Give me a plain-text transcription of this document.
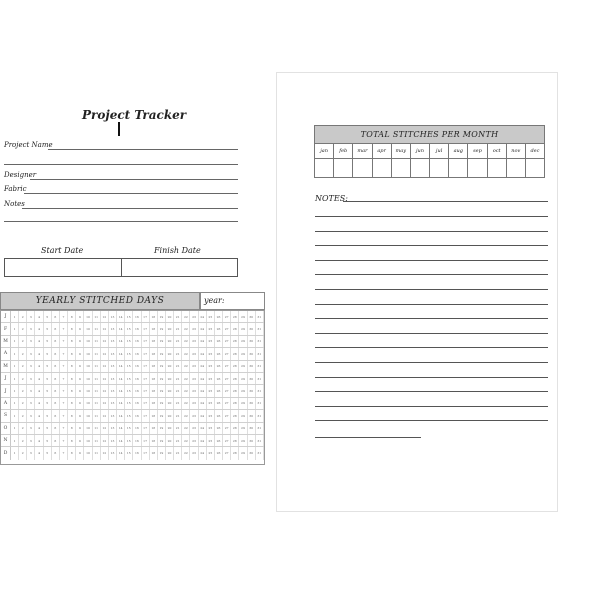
Project Tracker
Project Name
Designer
Fabric
Notes
Start Date	Finish Date
YEARLY STITCHED DAYS	year:
J	1	2	3	4	5	6	7	8	9	10	11	12	13	14	15	16	17	18	19	20	21	22	23	24	25	26	27	28	29	30	31
F	1	2	3	4	5	6	7	8	9	10	11	12	13	14	15	16	17	18	19	20	21	22	23	24	25	26	27	28	29	30	31
M	1	2	3	4	5	6	7	8	9	10	11	12	13	14	15	16	17	18	19	20	21	22	23	24	25	26	27	28	29	30	31
A	1	2	3	4	5	6	7	8	9	10	11	12	13	14	15	16	17	18	19	20	21	22	23	24	25	26	27	28	29	30	31
M	1	2	3	4	5	6	7	8	9	10	11	12	13	14	15	16	17	18	19	20	21	22	23	24	25	26	27	28	29	30	31
J	1	2	3	4	5	6	7	8	9	10	11	12	13	14	15	16	17	18	19	20	21	22	23	24	25	26	27	28	29	30	31
J	1	2	3	4	5	6	7	8	9	10	11	12	13	14	15	16	17	18	19	20	21	22	23	24	25	26	27	28	29	30	31
A	1	2	3	4	5	6	7	8	9	10	11	12	13	14	15	16	17	18	19	20	21	22	23	24	25	26	27	28	29	30	31
S	1	2	3	4	5	6	7	8	9	10	11	12	13	14	15	16	17	18	19	20	21	22	23	24	25	26	27	28	29	30	31
O	1	2	3	4	5	6	7	8	9	10	11	12	13	14	15	16	17	18	19	20	21	22	23	24	25	26	27	28	29	30	31
N	1	2	3	4	5	6	7	8	9	10	11	12	13	14	15	16	17	18	19	20	21	22	23	24	25	26	27	28	29	30	31
D	1	2	3	4	5	6	7	8	9	10	11	12	13	14	15	16	17	18	19	20	21	22	23	24	25	26	27	28	29	30	31
TOTAL STITCHES PER MONTH
jan	feb	mar	apr	may	jun	jul	aug	sep	oct	nov	dec
NOTES:
